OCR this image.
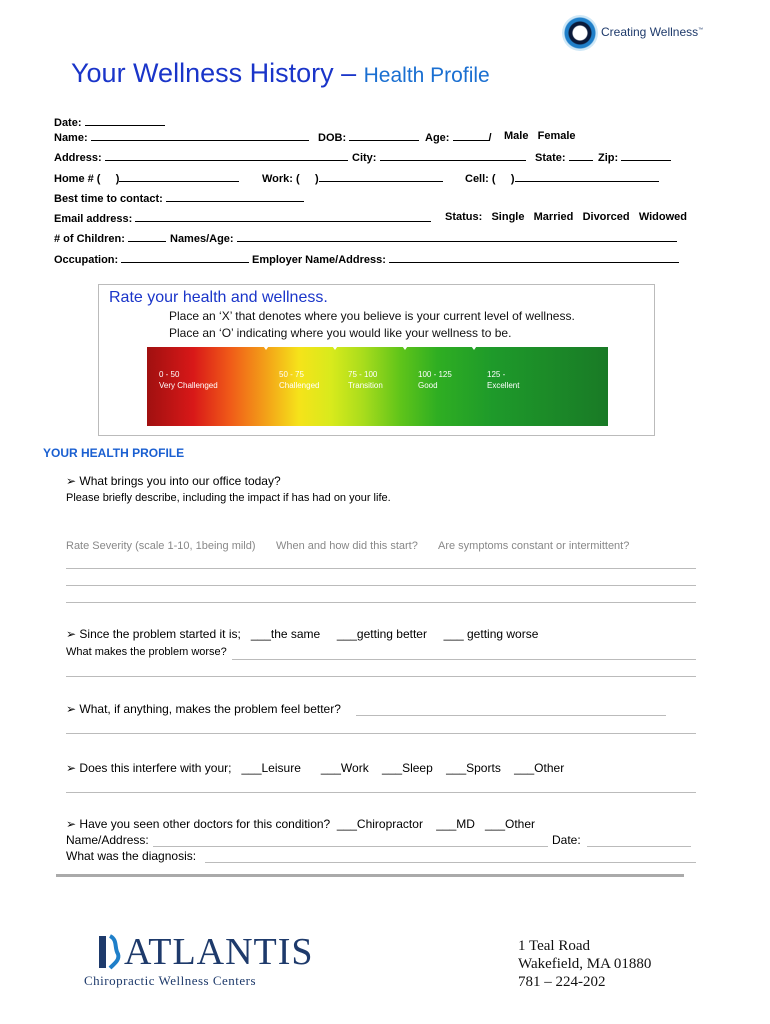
Creating Wellness™
Your Wellness History – Health Profile
Date:
Name:	DOB:	Age:	/ Male Female
Address:	City:	State:	Zip:
Home # ( )	Work: ( )	Cell: ( )
Best time to contact:
Email address:	Status: Single Married Divorced Widowed
# of Children:	Names/Age:
Occupation:	Employer Name/Address:
Rate your health and wellness.
Place an ‘X’ that denotes where you believe is your current level of wellness.
Place an ‘O’ indicating where you would like your wellness to be.
0 - 50
Very Challenged
50 - 75
Challenged
75 - 100
Transition
100 - 125
Good
125 -
Excellent
YOUR HEALTH PROFILE
➢ What brings you into our office today?
Please briefly describe, including the impact if has had on your life.
Rate Severity (scale 1-10, 1being mild) When and how did this start? Are symptoms constant or intermittent?
➢ Since the problem started it is; ___the same ___getting better ___ getting worse
What makes the problem worse?
➢ What, if anything, makes the problem feel better?
➢ Does this interfere with your; ___Leisure ___Work ___Sleep ___Sports ___Other
➢ Have you seen other doctors for this condition? ___Chiropractor ___MD ___Other
Name/Address:	Date:
What was the diagnosis:
ATLANTIS
Chiropractic Wellness Centers
1 Teal Road
Wakefield, MA 01880
781 – 224-202
